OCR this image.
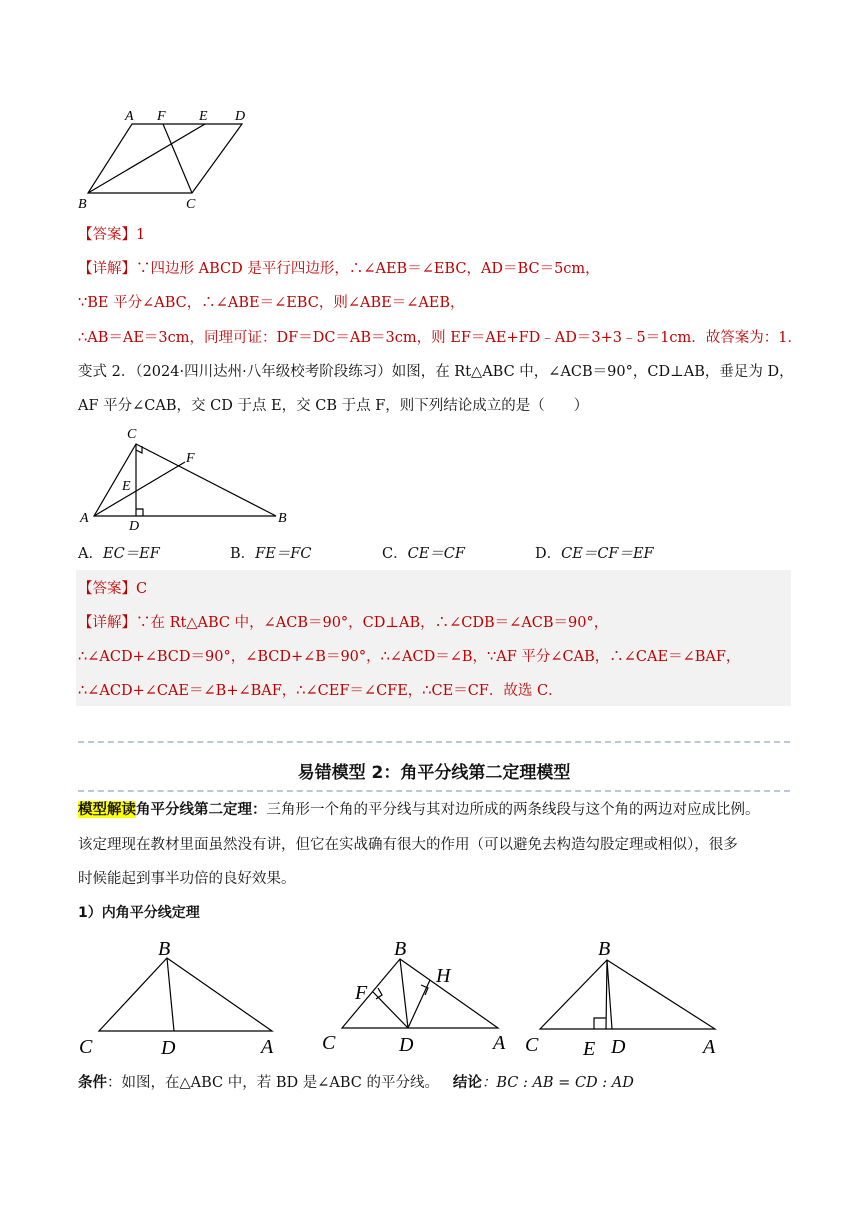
A F E D
B	C
【答案】1
【详解】∵四边形 ABCD 是平行四边形，∴∠AEB＝∠EBC，AD＝BC＝5cm，
∵BE 平分∠ABC，∴∠ABE＝∠EBC，则∠ABE＝∠AEB，
∴AB＝AE＝3cm，同理可证：DF＝DC＝AB＝3cm，则 EF＝AE+FD﹣AD＝3+3﹣5＝1cm．故答案为：1．
变式 2．（2024·四川达州·八年级校考阶段练习）如图，在 Rt△ABC 中，∠ACB＝90°，CD⊥AB，垂足为 D，
AF 平分∠CAB，交 CD 于点 E，交 CB 于点 F，则下列结论成立的是（　　）
C
F
E
A
D
B
A．EC＝EF	B．FE＝FC	C．CE＝CF	D．CE＝CF＝EF
【答案】C
【详解】∵在 Rt△ABC 中，∠ACB＝90°，CD⊥AB，∴∠CDB＝∠ACB＝90°，
∴∠ACD+∠BCD＝90°，∠BCD+∠B＝90°，∴∠ACD＝∠B，∵AF 平分∠CAB，∴∠CAE＝∠BAF，
∴∠ACD+∠CAE＝∠B+∠BAF，∴∠CEF＝∠CFE，∴CE＝CF．故选 C．
易错模型 2：角平分线第二定理模型
模型解读角平分线第二定理：三角形一个角的平分线与其对边所成的两条线段与这个角的两边对应成比例。
该定理现在教材里面虽然没有讲，但它在实战确有很大的作用（可以避免去构造勾股定理或相似），很多
时候能起到事半功倍的良好效果。
1）内角平分线定理
B
C	D	A
B
F
H
C	D	A
B
C E D	A
条件：如图，在△ABC 中，若 BD 是∠ABC 的平分线。 结论：BC : AB = CD : AD
